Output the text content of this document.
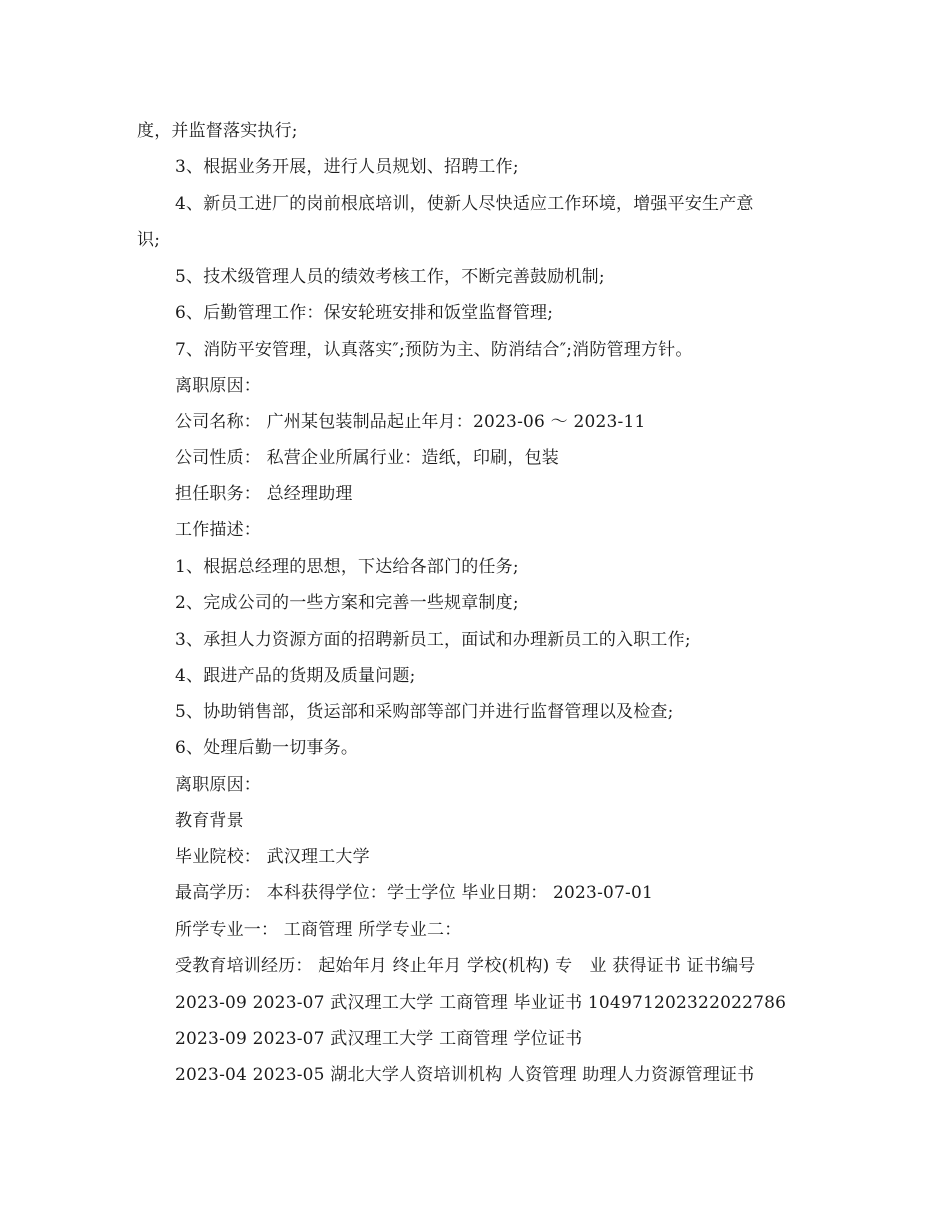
度，并监督落实执行;
3、根据业务开展，进行人员规划、招聘工作;
4、新员工进厂的岗前根底培训，使新人尽快适应工作环境，增强平安生产意
识;
5、技术级管理人员的绩效考核工作，不断完善鼓励机制;
6、后勤管理工作：保安轮班安排和饭堂监督管理;
7、消防平安管理，认真落实″;预防为主、防消结合″;消防管理方针。
离职原因：
公司名称： 广州某包装制品起止年月：2023-06 ～ 2023-11
公司性质： 私营企业所属行业：造纸，印刷，包装
担任职务： 总经理助理
工作描述：
1、根据总经理的思想，下达给各部门的任务;
2、完成公司的一些方案和完善一些规章制度;
3、承担人力资源方面的招聘新员工，面试和办理新员工的入职工作;
4、跟进产品的货期及质量问题;
5、协助销售部，货运部和采购部等部门并进行监督管理以及检查;
6、处理后勤一切事务。
离职原因：
教育背景
毕业院校： 武汉理工大学
最高学历： 本科获得学位：学士学位 毕业日期： 2023-07-01
所学专业一： 工商管理 所学专业二：
受教育培训经历： 起始年月 终止年月 学校(机构) 专　业 获得证书 证书编号
2023-09 2023-07 武汉理工大学 工商管理 毕业证书 104971202322022786
2023-09 2023-07 武汉理工大学 工商管理 学位证书
2023-04 2023-05 湖北大学人资培训机构 人资管理 助理人力资源管理证书
